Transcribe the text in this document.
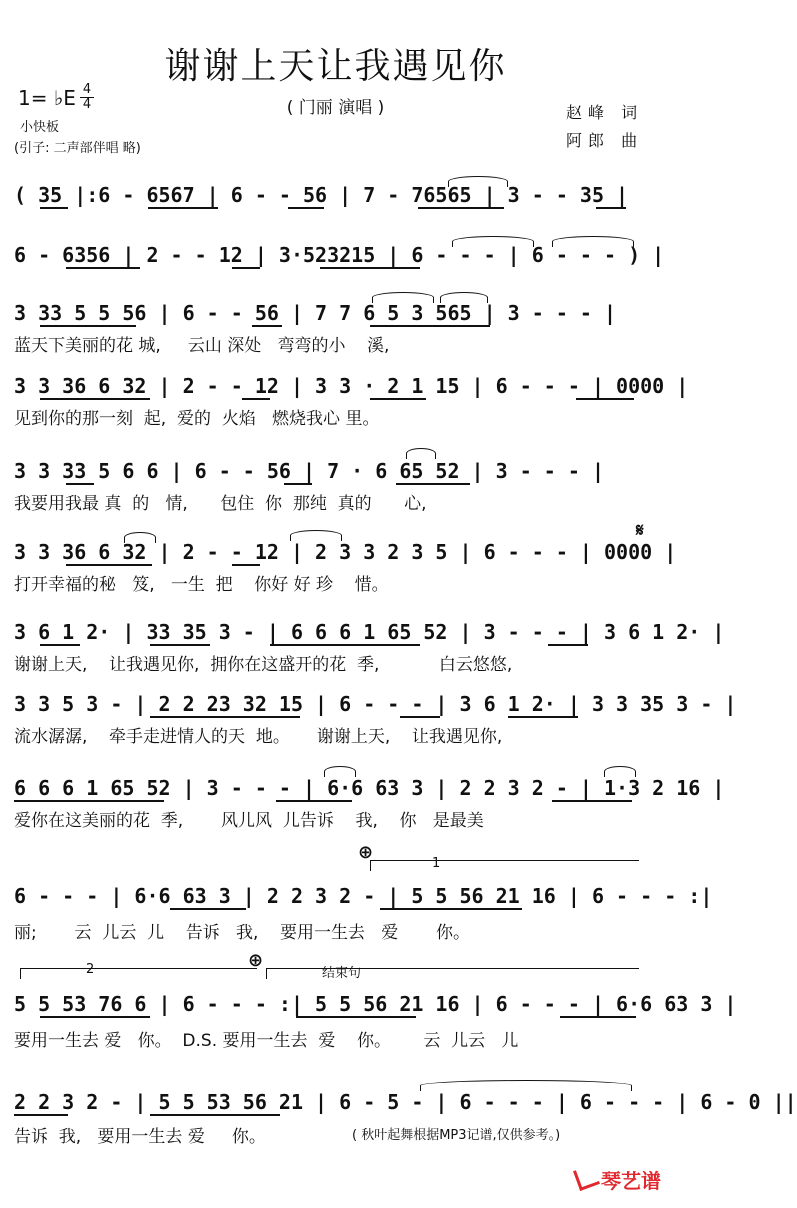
谢谢上天让我遇见你
( 门丽 演唱 )
1= ♭E 4
4
小快板
(引子: 二声部伴唱 略)
赵峰 词
阿郎 曲
( 35 |:6 - 6567 | 6 - - 56 | 7 - 76565 | 3 - - 35 |
6 - 6356 | 2 - - 12 | 3·523215 | 6 - - - | 6 - - - ) |
3 33 5 5 56 | 6 - - 56 | 7 7 6 5 3 565 | 3 - - - |
蓝天下美丽的花 城,     云山 深处   弯弯的小    溪,
3 3 36 6 32 | 2 - - 12 | 3 3 · 2 1 15 | 6 - - - | 0000 |
见到你的那一刻  起,  爱的  火焰   燃烧我心 里。
3 3 33 5 6 6 | 6 - - 56 | 7 · 6 65 52 | 3 - - - |
我要用我最 真  的   情,      包住  你  那纯  真的      心,
3 3 36 6 32 | 2 - - 12 | 2 3 3 2 3 5 | 6 - - - | 0000 |
打开幸福的秘   笈,   一生  把    你好 好 珍    惜。
𝄋
3 6 1 2· | 33 35 3 - | 6 6 6 1 65 52 | 3 - - - | 3 6 1 2· |
谢谢上天,    让我遇见你,  拥你在这盛开的花  季,           白云悠悠,
3 3 5 3 - | 2 2 23 32 15 | 6 - - - | 3 6 1 2· | 3 3 35 3 - |
流水潺潺,    牵手走进情人的天  地。     谢谢上天,    让我遇见你,
6 6 6 1 65 52 | 3 - - - | 6·6 63 3 | 2 2 3 2 - | 1·3 2 16 |
爱你在这美丽的花  季,       风儿风  儿告诉    我,    你   是最美
⊕
1
6 - - - | 6·6 63 3 | 2 2 3 2 - | 5 5 56 21 16 | 6 - - - :|
丽;       云  儿云  儿    告诉   我,    要用一生去   爱       你。
2	⊕
结束句
5 5 53 76 6 | 6 - - - :| 5 5 56 21 16 | 6 - - - | 6·6 63 3 |
要用一生去 爱   你。  D.S. 要用一生去  爱    你。      云  儿云   儿
2 2 3 2 - | 5 5 53 56 21 | 6 - 5 - | 6 - - - | 6 - - - | 6 - 0 ||
告诉  我,   要用一生去 爱     你。	( 秋叶起舞根据MP3记谱,仅供参考。)
琴艺谱
